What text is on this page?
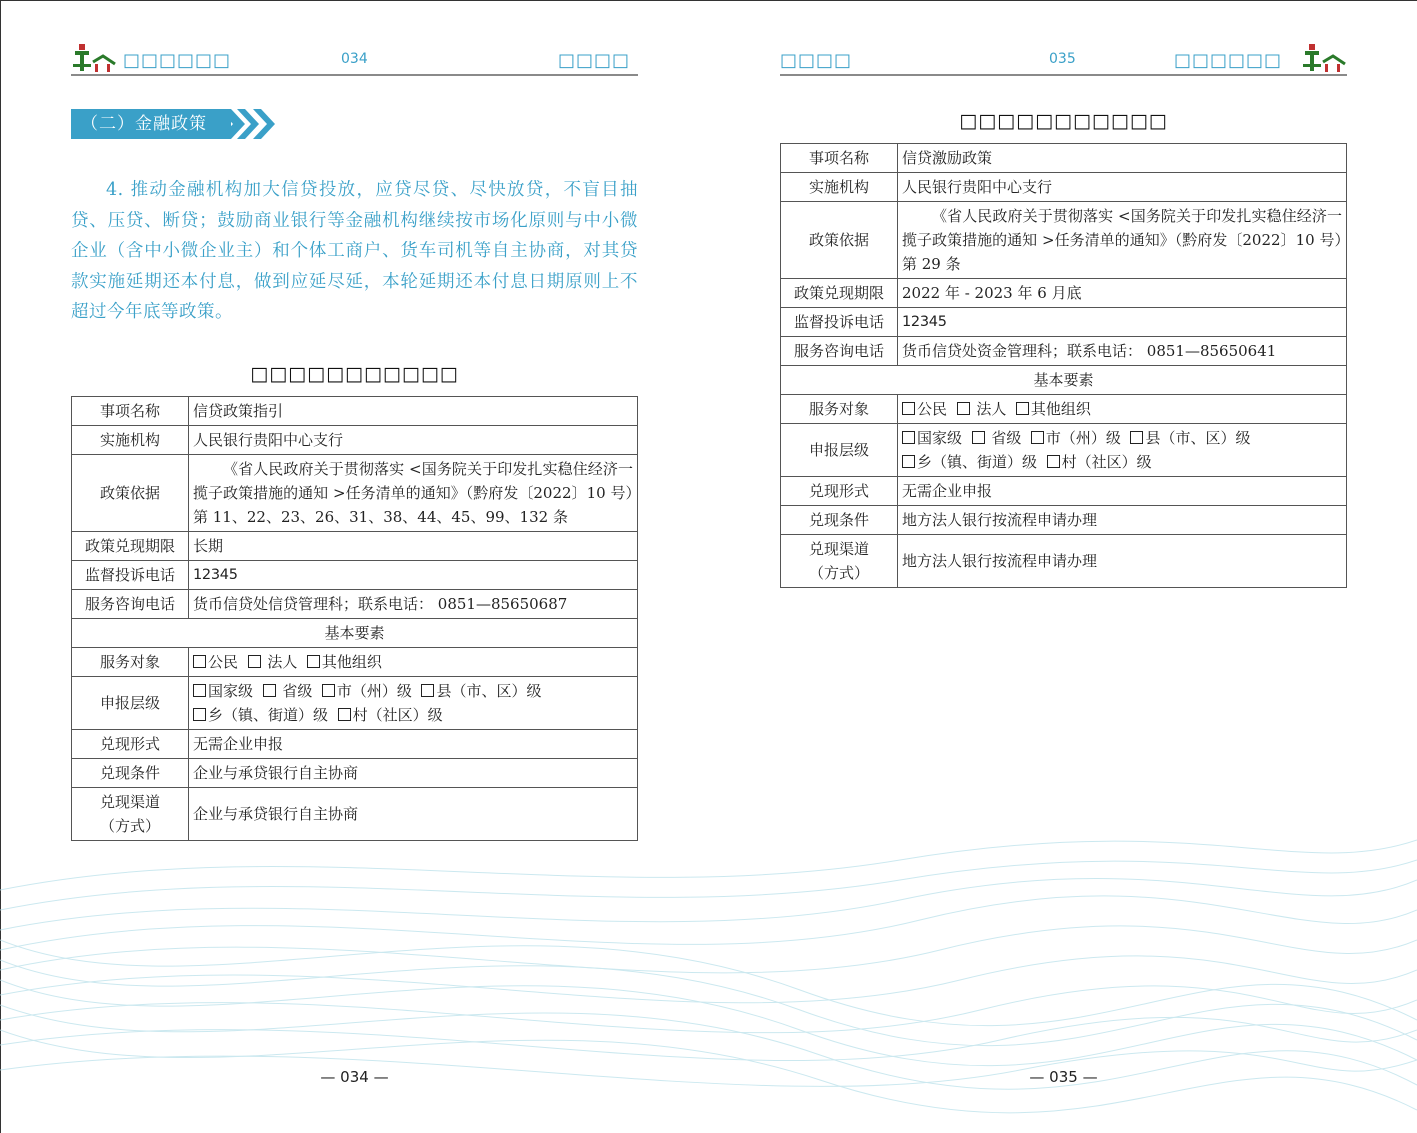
□□□□□□	034	□□□□
（二）金融政策
4. 推动金融机构加大信贷投放，应贷尽贷、尽快放贷，不盲目抽贷、压贷、断贷；鼓励商业银行等金融机构继续按市场化原则与中小微企业（含中小微企业主）和个体工商户、货车司机等自主协商，对其贷款实施延期还本付息，做到应延尽延，本轮延期还本付息日期原则上不超过今年底等政策。
□□□□□□□□□□□
事项名称	信贷政策指引
实施机构	人民银行贵阳中心支行
政策依据	《省人民政府关于贯彻落实 <国务院关于印发扎实稳住经济一揽子政策措施的通知 >任务清单的通知》（黔府发〔2022〕10 号）第 11、22、23、26、31、38、44、45、99、132 条
政策兑现期限	长期
监督投诉电话	12345
服务咨询电话	货币信贷处信贷管理科；联系电话： 0851—85650687
基本要素	
服务对象	公民 法人 其他组织
申报层级	国家级 省级 市（州）级 县（市、区）级
乡（镇、街道）级 村（社区）级
兑现形式	无需企业申报
兑现条件	企业与承贷银行自主协商
兑现渠道
（方式）	企业与承贷银行自主协商
— 034 —
□□□□	035	□□□□□□
□□□□□□□□□□□
事项名称	信贷激励政策
实施机构	人民银行贵阳中心支行
政策依据	《省人民政府关于贯彻落实 <国务院关于印发扎实稳住经济一揽子政策措施的通知 >任务清单的通知》（黔府发〔2022〕10 号）第 29 条
政策兑现期限	2022 年 - 2023 年 6 月底
监督投诉电话	12345
服务咨询电话	货币信贷处资金管理科；联系电话： 0851—85650641
基本要素	
服务对象	公民 法人 其他组织
申报层级	国家级 省级 市（州）级 县（市、区）级
乡（镇、街道）级 村（社区）级
兑现形式	无需企业申报
兑现条件	地方法人银行按流程申请办理
兑现渠道
（方式）	地方法人银行按流程申请办理
— 035 —
